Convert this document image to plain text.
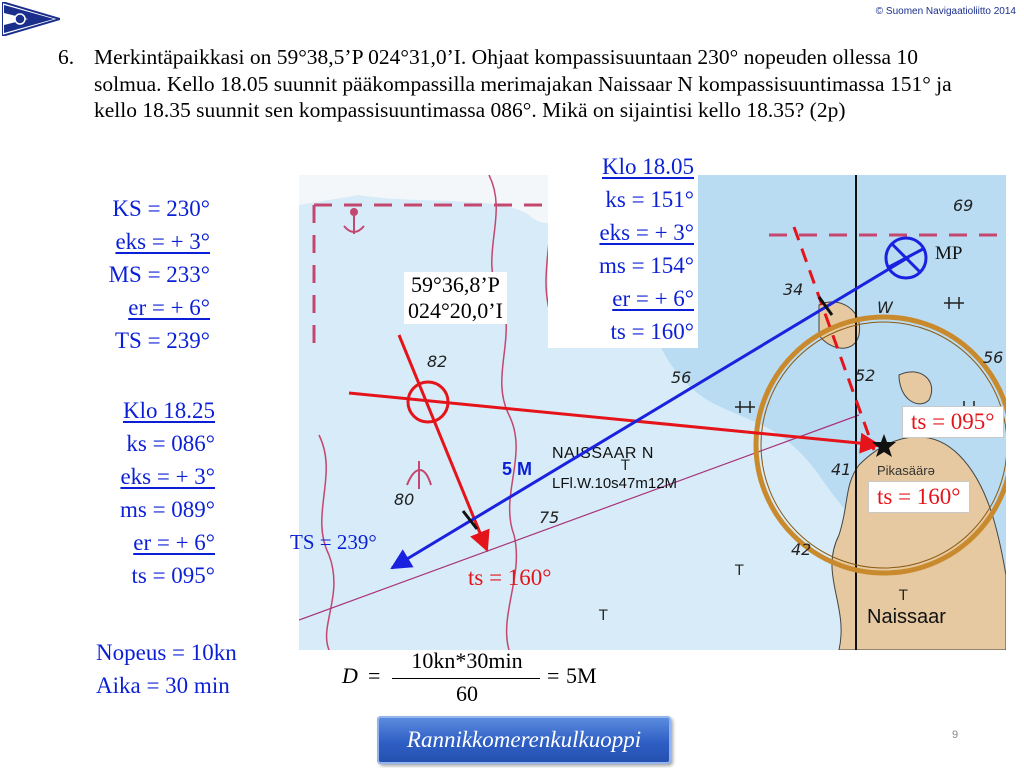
© Suomen Navigaatioliitto 2014
6. Merkintäpaikkasi on 59°38,5’P 024°31,0’I. Ohjaat kompassisuuntaan 230° nopeuden ollessa 10 solmua. Kello 18.05 suunnit pääkompassilla merimajakan Naissaar N kompassisuuntimassa 151° ja kello 18.35 suunnit sen kompassisuuntimassa 086°. Mikä on sijaintisi kello 18.35? (2p)
82
80
75
56
34
69
56
52
41
42
W
T
T
T
T
NAISSAAR N
LFl.W.10s47m12M
Pikasäärə
Naissaar
MP
59°36,8’P
024°20,0’I
5 M
TS = 239°
ts = 160°
ts = 095°
ts = 160°
KS = 230°
eks = + 3°
MS = 233°
er = + 6°
TS = 239°
Klo 18.25
ks = 086°
eks = + 3°
ms = 089°
er = + 6°
ts = 095°
Klo 18.05
ks = 151°
eks = + 3°
ms = 154°
er = + 6°
ts = 160°
Nopeus = 10kn
Aika = 30 min	D =
10kn*30min
60
= 5M
Rannikkomerenkulkuoppi	9
